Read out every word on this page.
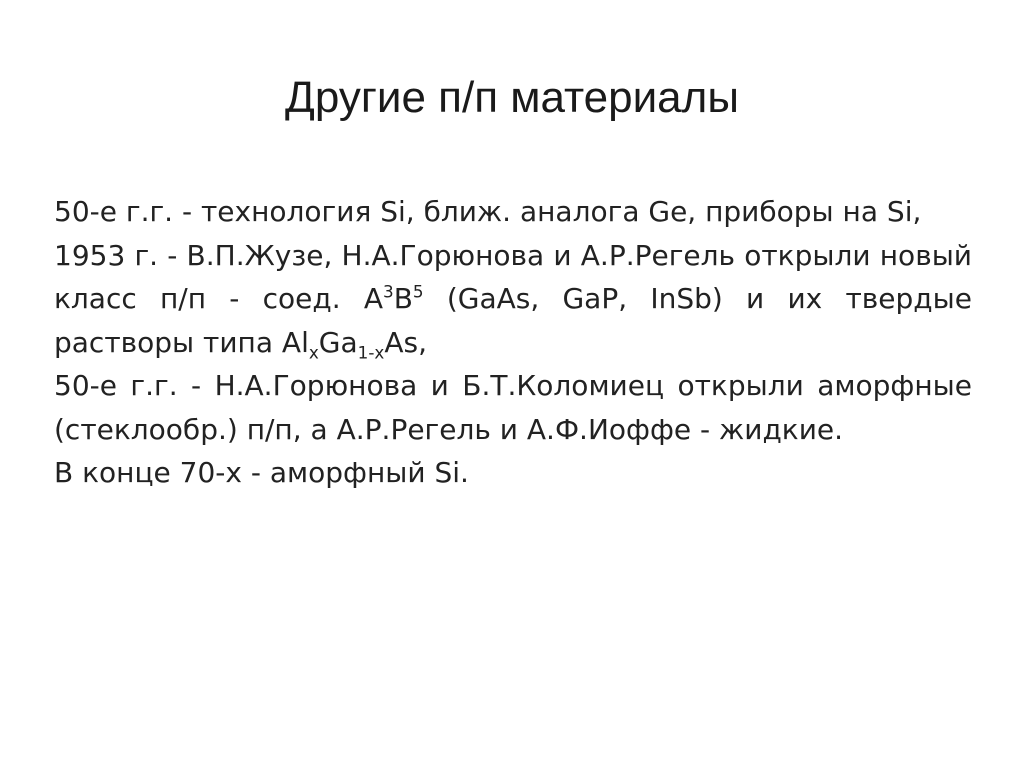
Другие п/п материалы

50-е г.г. - технология Si, ближ. аналога Ge, приборы на Si,

1953 г. - В.П.Жузе, Н.А.Горюнова и А.Р.Регель открыли новый класс п/п - соед. $А^3В^5$ (GaAs, GaP, InSb) и их твердые растворы типа $Al_xGa_{1-x}As$,

50-е г.г. - Н.А.Горюнова и Б.Т.Коломиец открыли аморфные (стеклообр.) п/п, а А.Р.Регель и А.Ф.Иоффе - жидкие.

В конце 70-х - аморфный Si.
